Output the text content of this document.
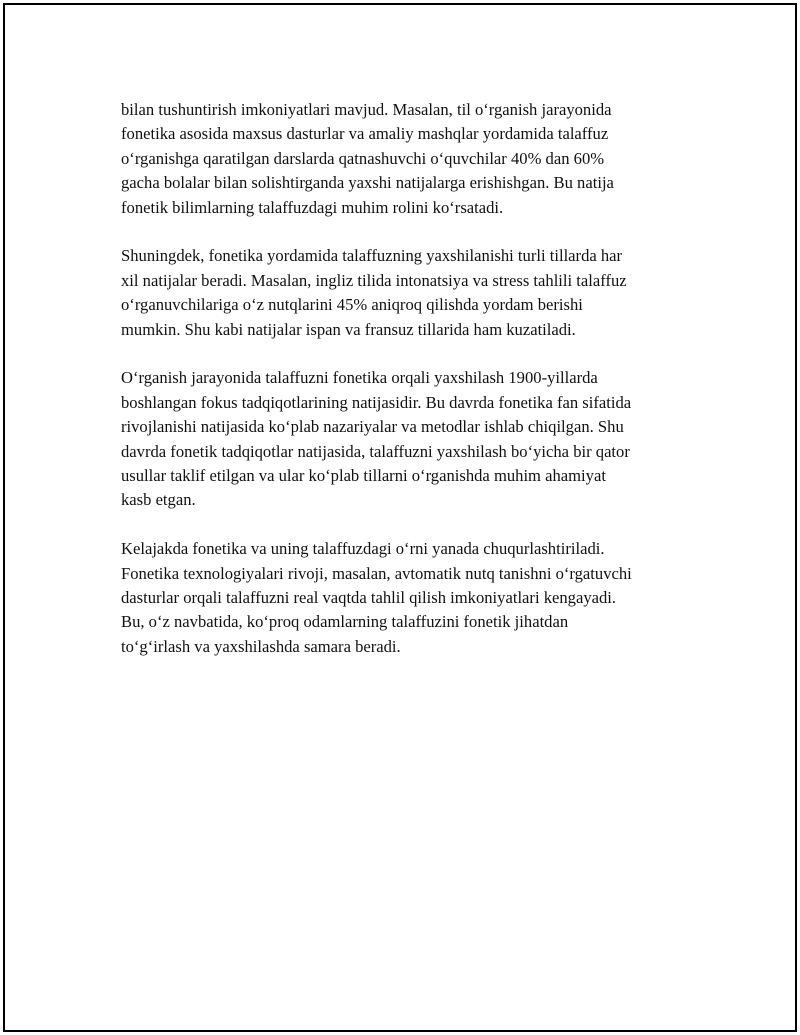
bilan tushuntirish imkoniyatlari mavjud. Masalan, til o‘rganish jarayonida
fonetika asosida maxsus dasturlar va amaliy mashqlar yordamida talaffuz
o‘rganishga qaratilgan darslarda qatnashuvchi o‘quvchilar 40% dan 60%
gacha bolalar bilan solishtirganda yaxshi natijalarga erishishgan. Bu natija
fonetik bilimlarning talaffuzdagi muhim rolini ko‘rsatadi.

Shuningdek, fonetika yordamida talaffuzning yaxshilanishi turli tillarda har
xil natijalar beradi. Masalan, ingliz tilida intonatsiya va stress tahlili talaffuz
o‘rganuvchilariga o‘z nutqlarini 45% aniqroq qilishda yordam berishi
mumkin. Shu kabi natijalar ispan va fransuz tillarida ham kuzatiladi.

O‘rganish jarayonida talaffuzni fonetika orqali yaxshilash 1900-yillarda
boshlangan fokus tadqiqotlarining natijasidir. Bu davrda fonetika fan sifatida
rivojlanishi natijasida ko‘plab nazariyalar va metodlar ishlab chiqilgan. Shu
davrda fonetik tadqiqotlar natijasida, talaffuzni yaxshilash bo‘yicha bir qator
usullar taklif etilgan va ular ko‘plab tillarni o‘rganishda muhim ahamiyat
kasb etgan.

Kelajakda fonetika va uning talaffuzdagi o‘rni yanada chuqurlashtiriladi.
Fonetika texnologiyalari rivoji, masalan, avtomatik nutq tanishni o‘rgatuvchi
dasturlar orqali talaffuzni real vaqtda tahlil qilish imkoniyatlari kengayadi.
Bu, o‘z navbatida, ko‘proq odamlarning talaffuzini fonetik jihatdan
to‘g‘irlash va yaxshilashda samara beradi.
